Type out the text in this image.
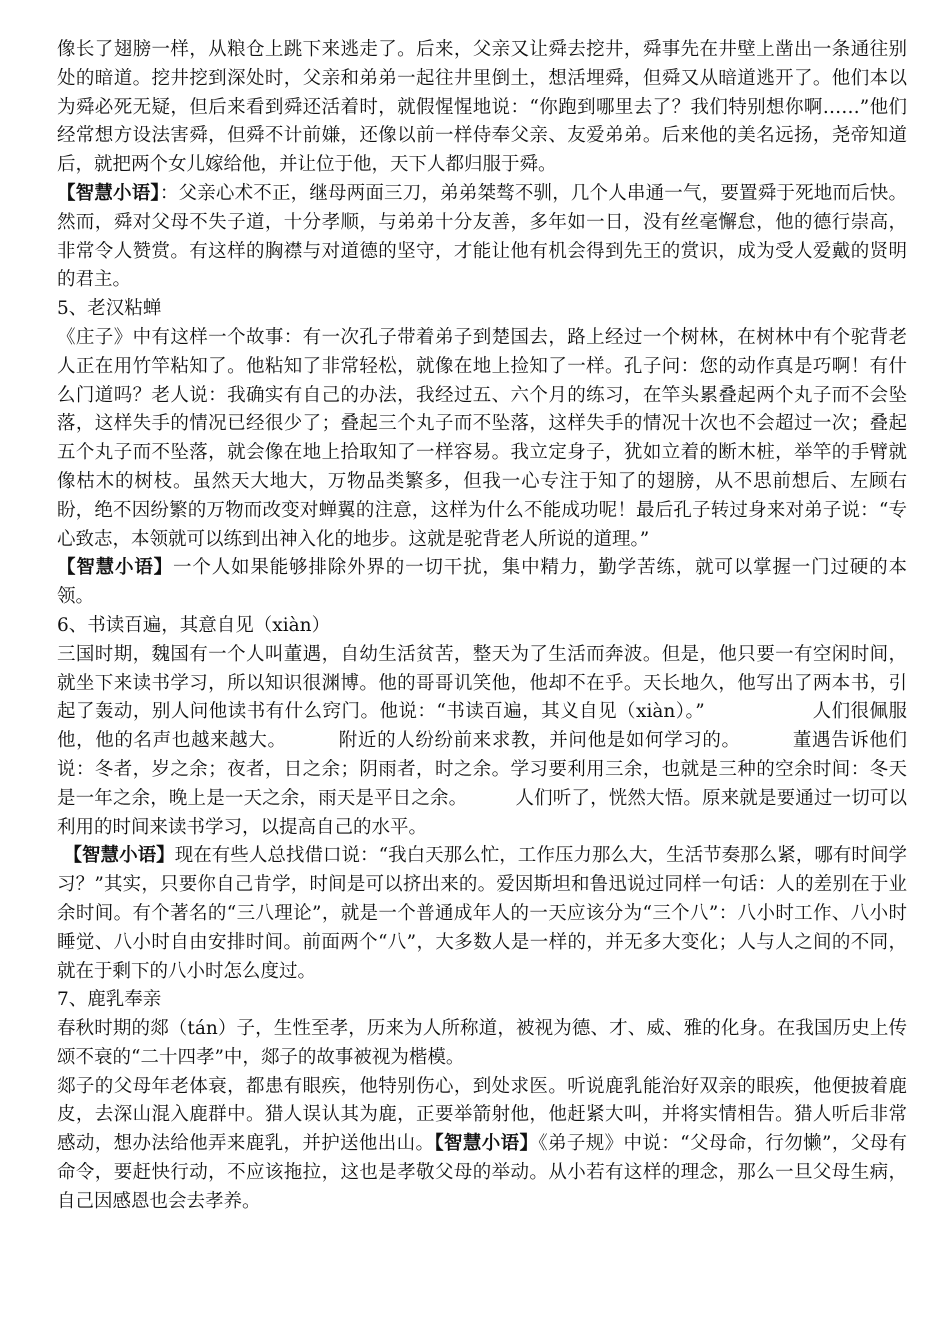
像长了翅膀一样，从粮仓上跳下来逃走了。后来，父亲又让舜去挖井，舜事先在井壁上凿出一条通往别处的暗道。挖井挖到深处时，父亲和弟弟一起往井里倒土，想活埋舜，但舜又从暗道逃开了。他们本以为舜必死无疑，但后来看到舜还活着时，就假惺惺地说：“你跑到哪里去了？我们特别想你啊……”他们经常想方设法害舜，但舜不计前嫌，还像以前一样侍奉父亲、友爱弟弟。后来他的美名远扬，尧帝知道后，就把两个女儿嫁给他，并让位于他，天下人都归服于舜。

【智慧小语】：父亲心术不正，继母两面三刀，弟弟桀骜不驯，几个人串通一气，要置舜于死地而后快。然而，舜对父母不失子道，十分孝顺，与弟弟十分友善，多年如一日，没有丝毫懈怠，他的德行崇高，非常令人赞赏。有这样的胸襟与对道德的坚守，才能让他有机会得到先王的赏识，成为受人爱戴的贤明的君主。

5、老汉粘蝉

《庄子》中有这样一个故事：有一次孔子带着弟子到楚国去，路上经过一个树林，在树林中有个驼背老人正在用竹竿粘知了。他粘知了非常轻松，就像在地上捡知了一样。孔子问：您的动作真是巧啊！有什么门道吗？老人说：我确实有自己的办法，我经过五、六个月的练习，在竿头累叠起两个丸子而不会坠落，这样失手的情况已经很少了；叠起三个丸子而不坠落，这样失手的情况十次也不会超过一次；叠起五个丸子而不坠落，就会像在地上拾取知了一样容易。我立定身子，犹如立着的断木桩，举竿的手臂就像枯木的树枝。虽然天大地大，万物品类繁多，但我一心专注于知了的翅膀，从不思前想后、左顾右盼，绝不因纷繁的万物而改变对蝉翼的注意，这样为什么不能成功呢！最后孔子转过身来对弟子说：“专心致志，本领就可以练到出神入化的地步。这就是驼背老人所说的道理。”

【智慧小语】一个人如果能够排除外界的一切干扰，集中精力，勤学苦练，就可以掌握一门过硬的本领。

6、书读百遍，其意自见（xiàn）

三国时期，魏国有一个人叫董遇，自幼生活贫苦，整天为了生活而奔波。但是，他只要一有空闲时间，就坐下来读书学习，所以知识很渊博。他的哥哥讥笑他，他却不在乎。天长地久，他写出了两本书，引起了轰动，别人问他读书有什么窍门。他说：“书读百遍，其义自见（xiàn）。”                 人们很佩服他，他的名声也越来越大。        附近的人纷纷前来求教，并问他是如何学习的。        董遇告诉他们说：冬者，岁之余；夜者，日之余；阴雨者，时之余。学习要利用三余，也就是三种的空余时间：冬天是一年之余，晚上是一天之余，雨天是平日之余。        人们听了，恍然大悟。原来就是要通过一切可以利用的时间来读书学习，以提高自己的水平。

【智慧小语】现在有些人总找借口说：“我白天那么忙，工作压力那么大，生活节奏那么紧，哪有时间学习？”其实，只要你自己肯学，时间是可以挤出来的。爱因斯坦和鲁迅说过同样一句话：人的差别在于业余时间。有个著名的“三八理论”，就是一个普通成年人的一天应该分为“三个八”：八小时工作、八小时睡觉、八小时自由安排时间。前面两个“八”，大多数人是一样的，并无多大变化；人与人之间的不同，就在于剩下的八小时怎么度过。

7、鹿乳奉亲

春秋时期的郯（tán）子，生性至孝，历来为人所称道，被视为德、才、威、雅的化身。在我国历史上传颂不衰的“二十四孝”中，郯子的故事被视为楷模。

郯子的父母年老体衰，都患有眼疾，他特别伤心，到处求医。听说鹿乳能治好双亲的眼疾，他便披着鹿皮，去深山混入鹿群中。猎人误认其为鹿，正要举箭射他，他赶紧大叫，并将实情相告。猎人听后非常感动，想办法给他弄来鹿乳，并护送他出山。【智慧小语】《弟子规》中说：“父母命，行勿懒”，父母有命令，要赶快行动，不应该拖拉，这也是孝敬父母的举动。从小若有这样的理念，那么一旦父母生病，自己因感恩也会去孝养。
